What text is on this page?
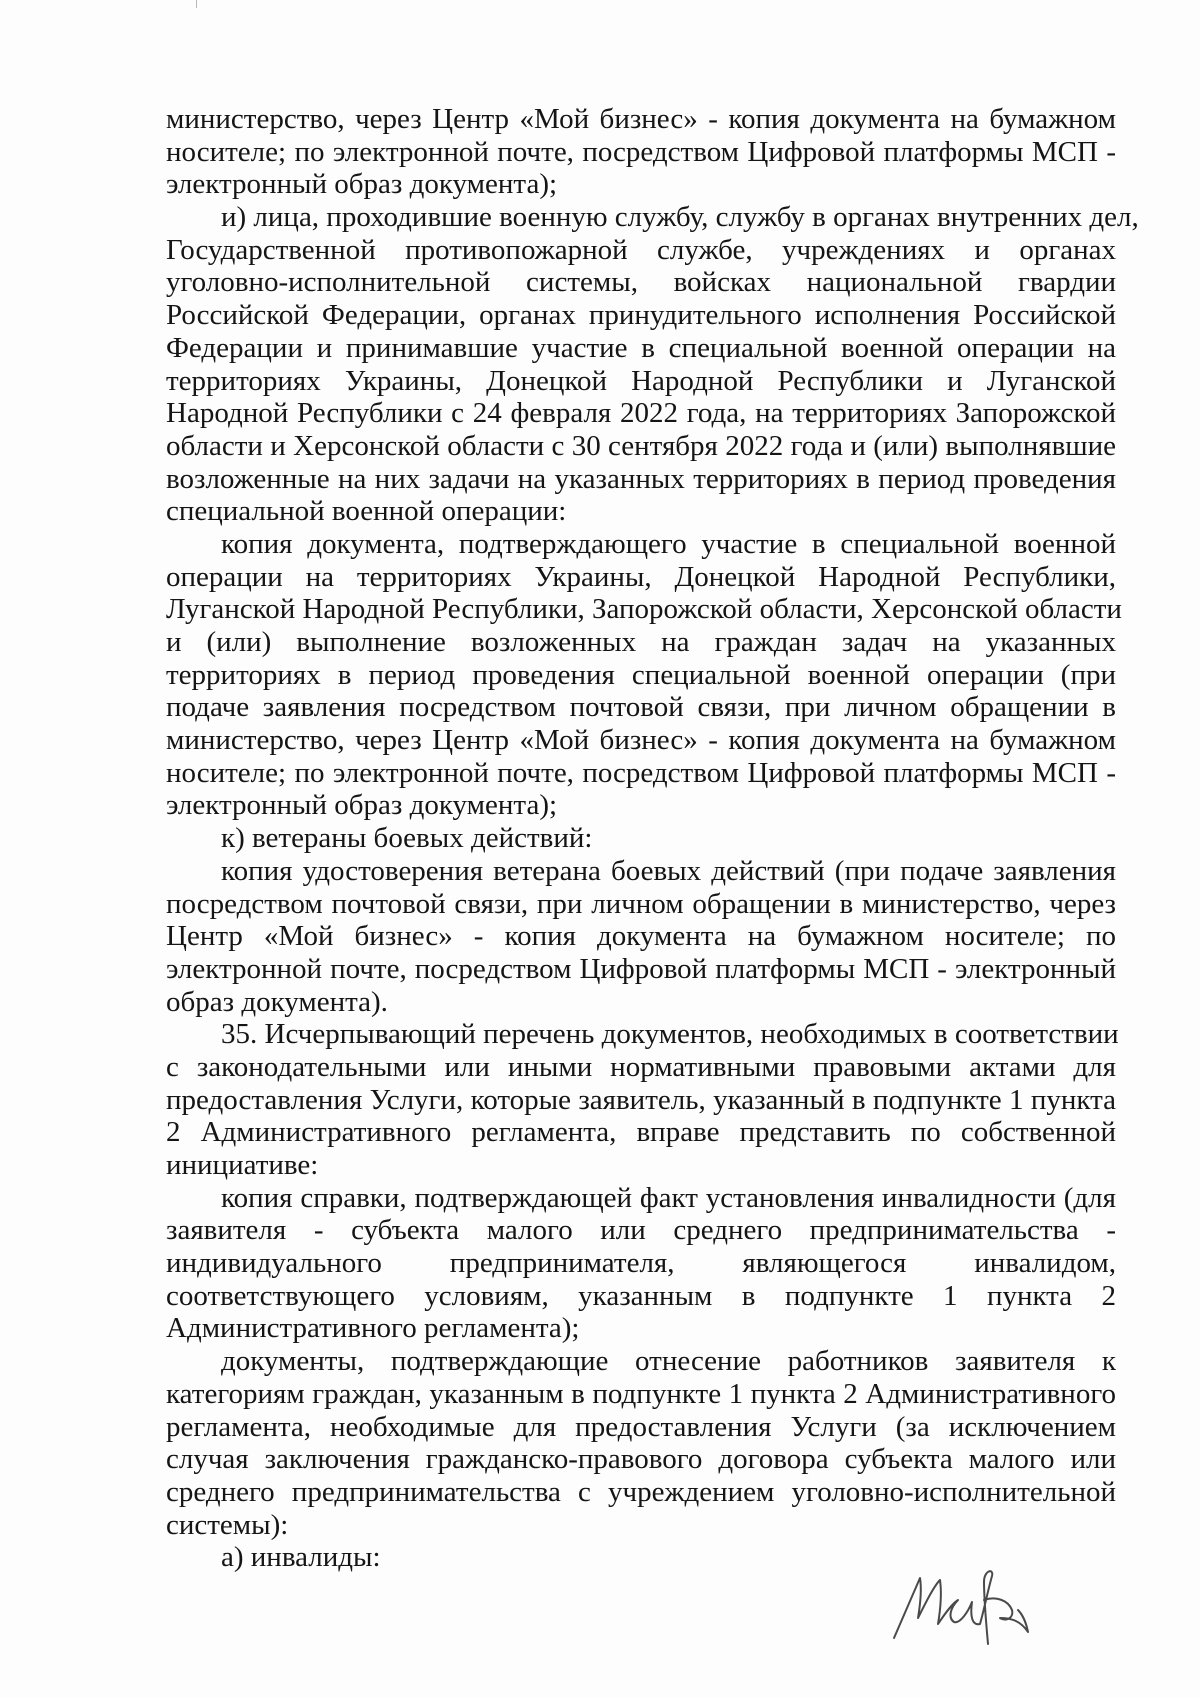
министерство, через Центр «Мой бизнес» - копия документа на бумажном
носителе; по электронной почте, посредством Цифровой платформы МСП -
электронный образ документа);
и) лица, проходившие военную службу, службу в органах внутренних дел,
Государственной противопожарной службе, учреждениях и органах
уголовно-исполнительной системы, войсках национальной гвардии
Российской Федерации, органах принудительного исполнения Российской
Федерации и принимавшие участие в специальной военной операции на
территориях Украины, Донецкой Народной Республики и Луганской
Народной Республики с 24 февраля 2022 года, на территориях Запорожской
области и Херсонской области с 30 сентября 2022 года и (или) выполнявшие
возложенные на них задачи на указанных территориях в период проведения
специальной военной операции:
копия документа, подтверждающего участие в специальной военной
операции на территориях Украины, Донецкой Народной Республики,
Луганской Народной Республики, Запорожской области, Херсонской области
и (или) выполнение возложенных на граждан задач на указанных
территориях в период проведения специальной военной операции (при
подаче заявления посредством почтовой связи, при личном обращении в
министерство, через Центр «Мой бизнес» - копия документа на бумажном
носителе; по электронной почте, посредством Цифровой платформы МСП -
электронный образ документа);
к) ветераны боевых действий:
копия удостоверения ветерана боевых действий (при подаче заявления
посредством почтовой связи, при личном обращении в министерство, через
Центр «Мой бизнес» - копия документа на бумажном носителе; по
электронной почте, посредством Цифровой платформы МСП - электронный
образ документа).
35. Исчерпывающий перечень документов, необходимых в соответствии
с законодательными или иными нормативными правовыми актами для
предоставления Услуги, которые заявитель, указанный в подпункте 1 пункта
2 Административного регламента, вправе представить по собственной
инициативе:
копия справки, подтверждающей факт установления инвалидности (для
заявителя - субъекта малого или среднего предпринимательства -
индивидуального предпринимателя, являющегося инвалидом,
соответствующего условиям, указанным в подпункте 1 пункта 2
Административного регламента);
документы, подтверждающие отнесение работников заявителя к
категориям граждан, указанным в подпункте 1 пункта 2 Административного
регламента, необходимые для предоставления Услуги (за исключением
случая заключения гражданско-правового договора субъекта малого или
среднего предпринимательства с учреждением уголовно-исполнительной
системы):
а) инвалиды:
